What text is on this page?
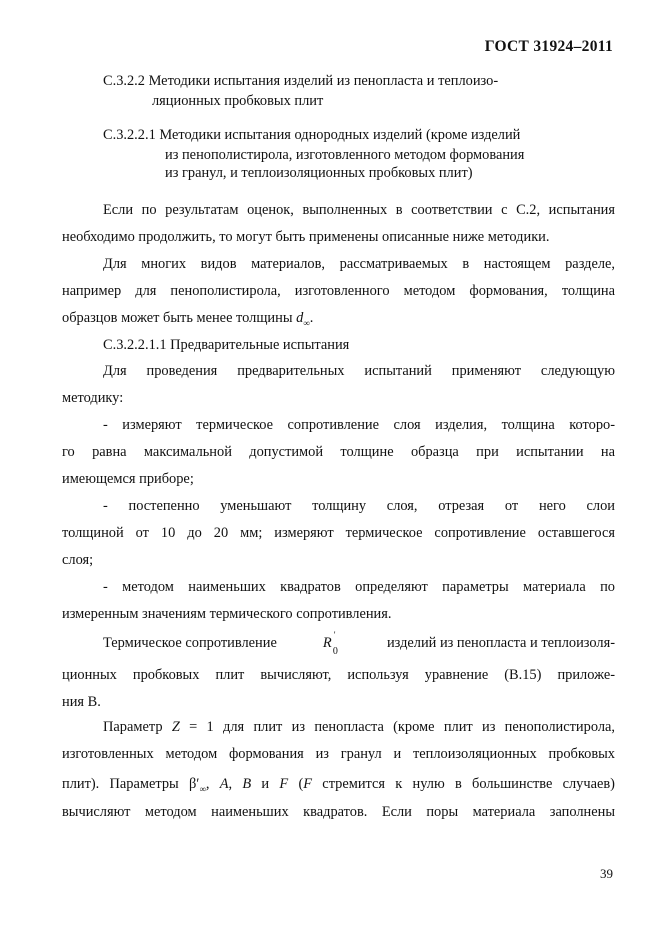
ГОСТ 31924–2011
С.3.2.2 Методики испытания изделий из пенопласта и теплоизо-
ляционных пробковых плит
С.3.2.2.1 Методики испытания однородных изделий (кроме изделий
из пенополистирола, изготовленного методом формования
из гранул, и теплоизоляционных пробковых плит)
Если по результатам оценок, выполненных в соответствии с С.2, испытания
необходимо продолжить, то могут быть применены описанные ниже методики.
Для многих видов материалов, рассматриваемых в настоящем разделе,
например для пенополистирола, изготовленного методом формования, толщина
образцов может быть менее толщины $d_\infty$.
С.3.2.2.1.1 Предварительные испытания
Для проведения предварительных испытаний применяют следующую
методику:
- измеряют термическое сопротивление слоя изделия, толщина которо-
го равна максимальной допустимой толщине образца при испытании на
имеющемся приборе;
- постепенно уменьшают толщину слоя, отрезая от него слои
толщиной от 10 до 20 мм; измеряют термическое сопротивление оставшегося
слоя;
- методом наименьших квадратов определяют параметры материала по
измеренным значениям термического сопротивления.
Термическое сопротивление	R
0
'	изделий из пенопласта и теплоизоля-
ционных пробковых плит вычисляют, используя уравнение (В.15) приложе-
ния В.
Параметр Z = 1 для плит из пенопласта (кроме плит из пенополистирола,
изготовленных методом формования из гранул и теплоизоляционных пробковых
плит). Параметры $\beta'_\infty$, A, B и F (F стремится к нулю в большинстве случаев)
вычисляют методом наименьших квадратов. Если поры материала заполнены
39
